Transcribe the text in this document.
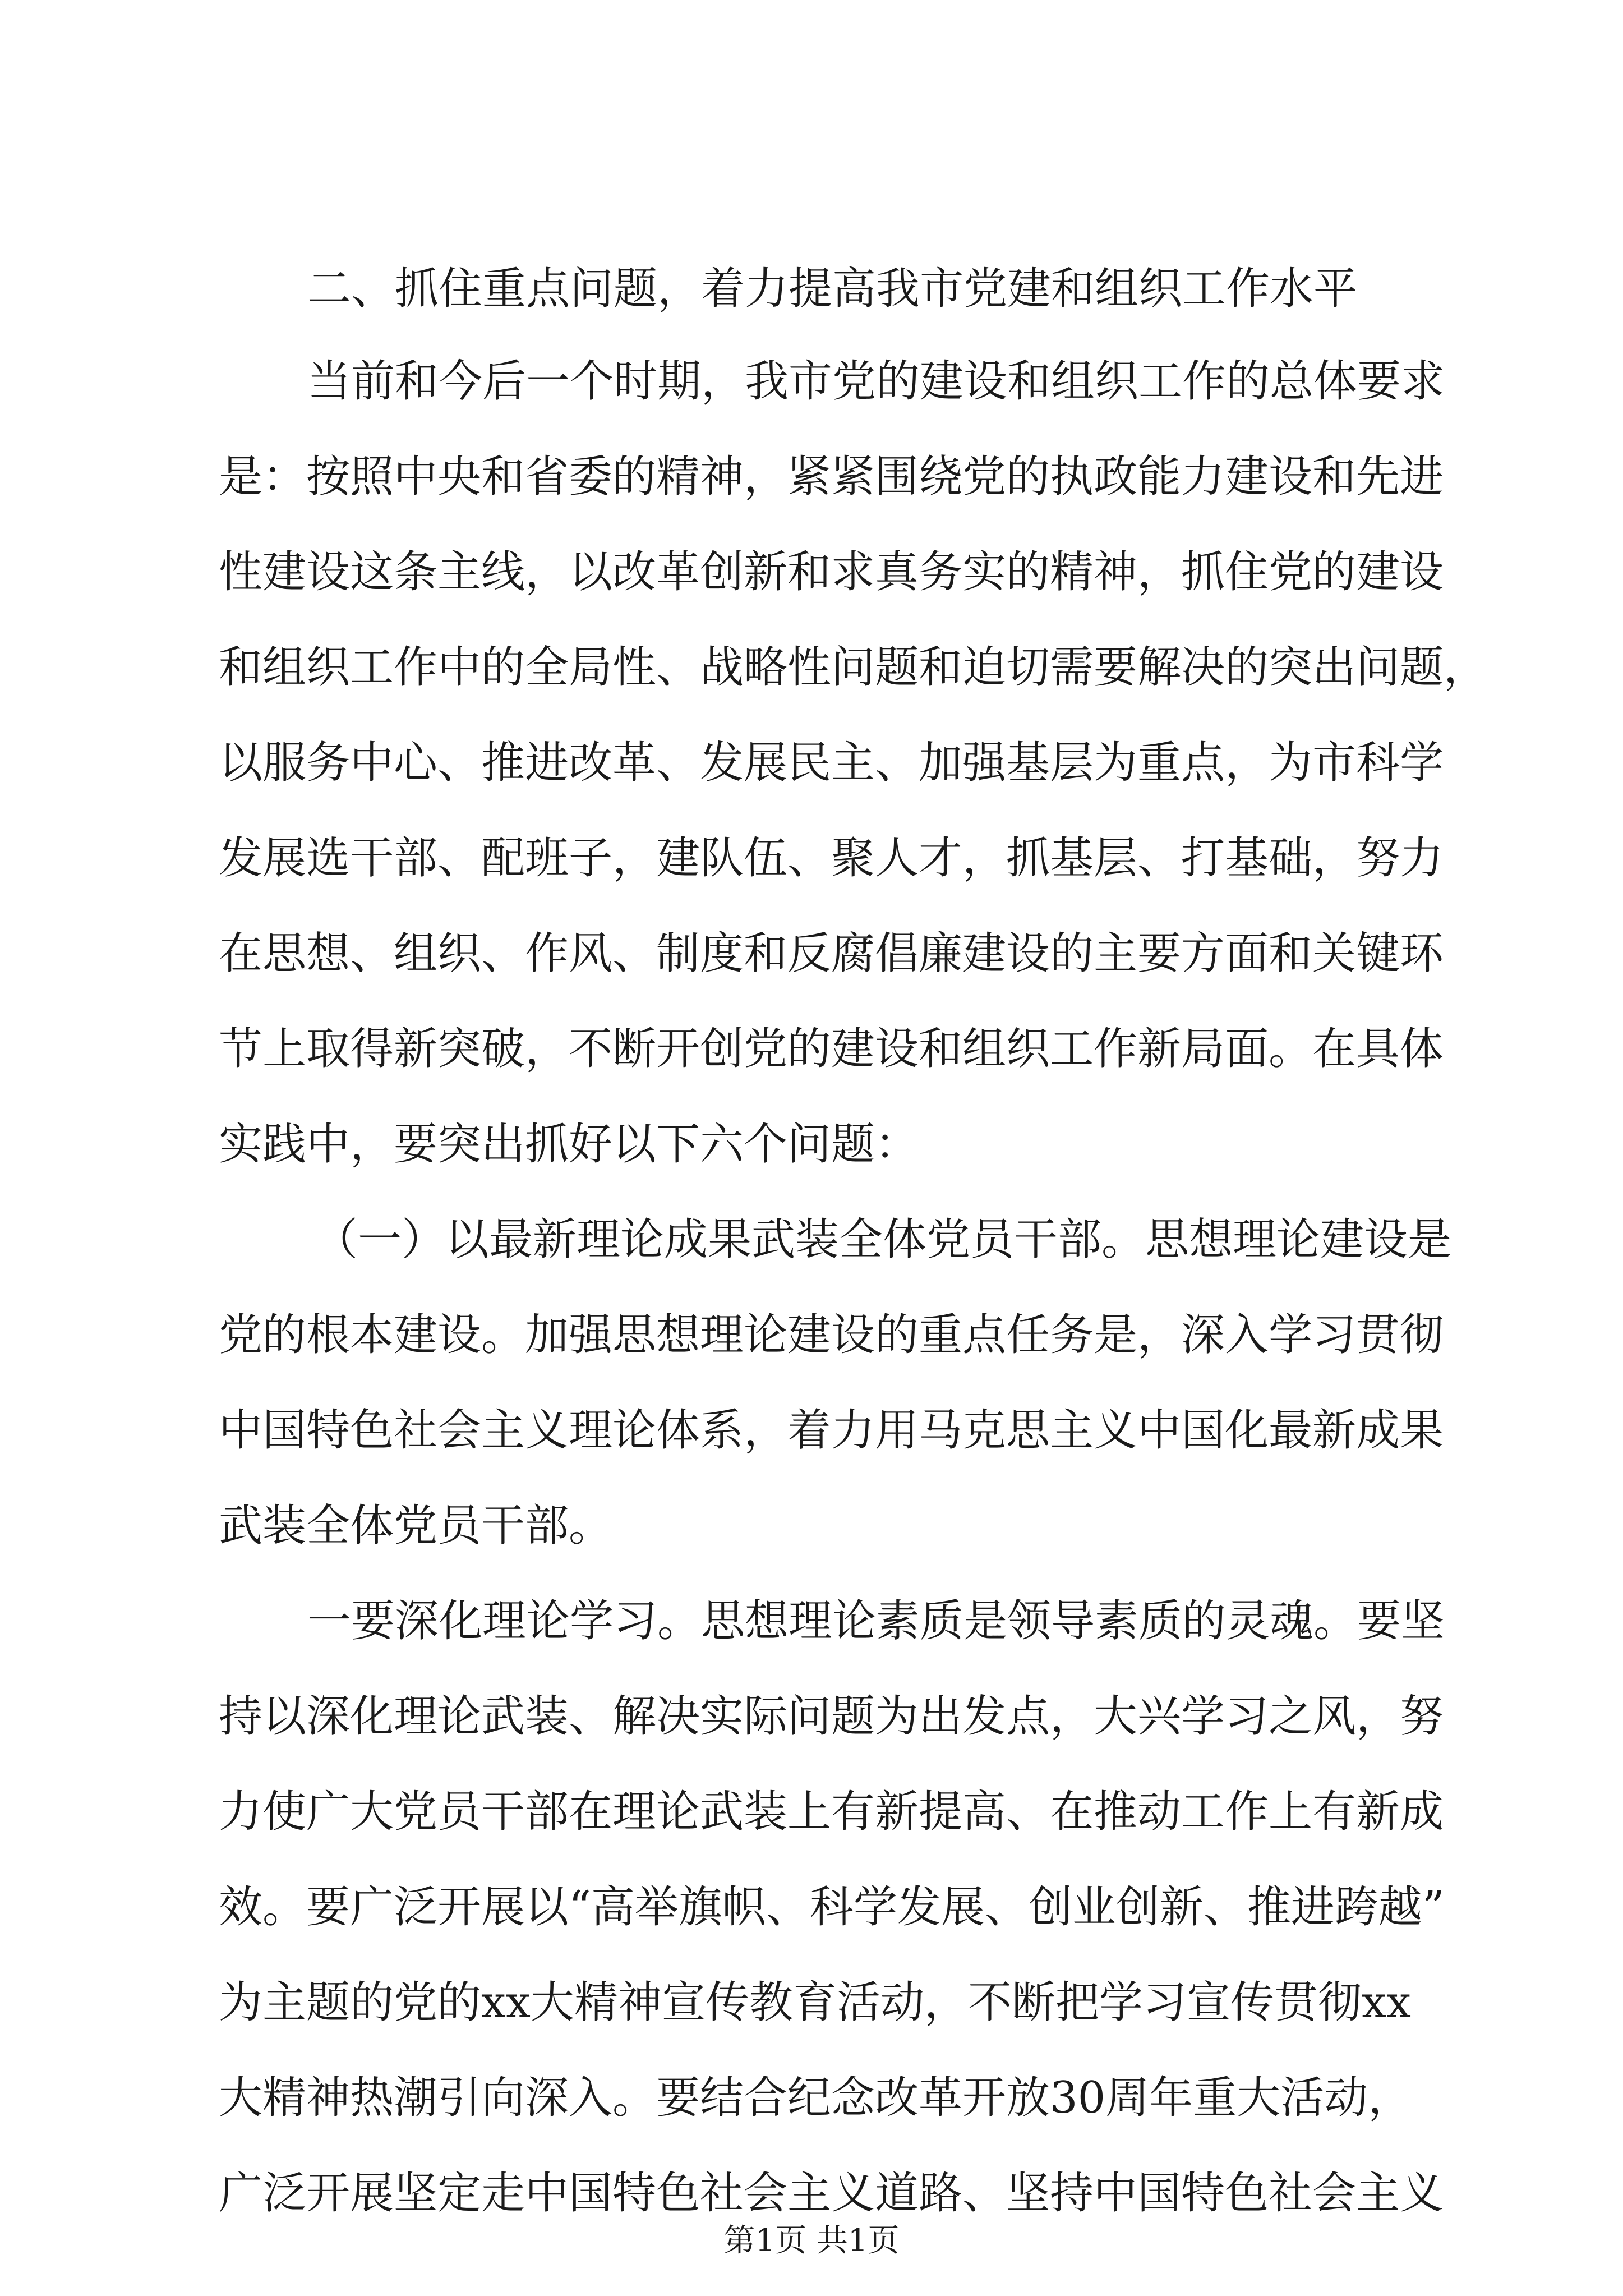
二、抓住重点问题，着力提高我市党建和组织工作水平

当前和今后一个时期，我市党的建设和组织工作的总体要求

是：按照中央和省委的精神，紧紧围绕党的执政能力建设和先进

性建设这条主线，以改革创新和求真务实的精神，抓住党的建设

和组织工作中的全局性、战略性问题和迫切需要解决的突出问题，

以服务中心、推进改革、发展民主、加强基层为重点，为市科学

发展选干部、配班子，建队伍、聚人才，抓基层、打基础，努力

在思想、组织、作风、制度和反腐倡廉建设的主要方面和关键环

节上取得新突破，不断开创党的建设和组织工作新局面。在具体

实践中，要突出抓好以下六个问题：

（一）以最新理论成果武装全体党员干部。思想理论建设是

党的根本建设。加强思想理论建设的重点任务是，深入学习贯彻

中国特色社会主义理论体系，着力用马克思主义中国化最新成果

武装全体党员干部。

一要深化理论学习。思想理论素质是领导素质的灵魂。要坚

持以深化理论武装、解决实际问题为出发点，大兴学习之风，努

力使广大党员干部在理论武装上有新提高、在推动工作上有新成

效。要广泛开展以“高举旗帜、科学发展、创业创新、推进跨越”

为主题的党的xx大精神宣传教育活动，不断把学习宣传贯彻xx

大精神热潮引向深入。要结合纪念改革开放30周年重大活动，

广泛开展坚定走中国特色社会主义道路、坚持中国特色社会主义

第1页 共1页
